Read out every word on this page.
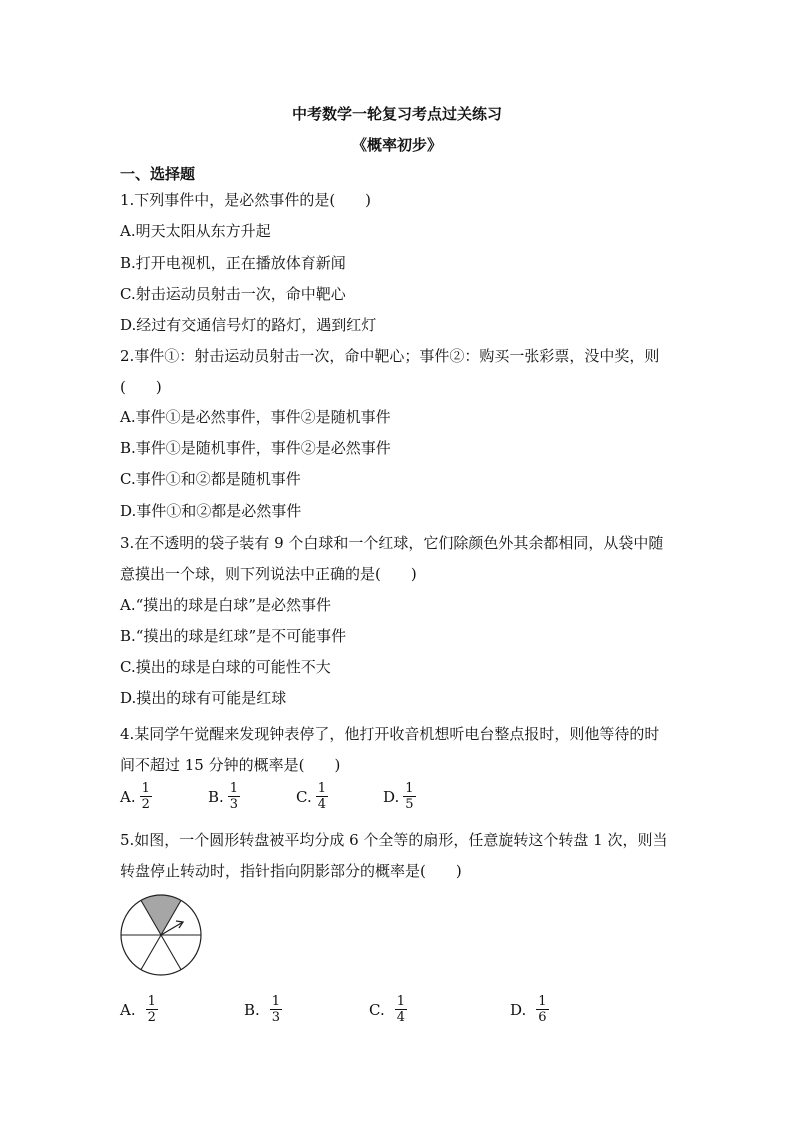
中考数学一轮复习考点过关练习
《概率初步》
一、选择题
1.下列事件中，是必然事件的是(　　)
A.明天太阳从东方升起
B.打开电视机，正在播放体育新闻
C.射击运动员射击一次，命中靶心
D.经过有交通信号灯的路灯，遇到红灯
2.事件①：射击运动员射击一次，命中靶心；事件②：购买一张彩票，没中奖，则
(　　)
A.事件①是必然事件，事件②是随机事件
B.事件①是随机事件，事件②是必然事件
C.事件①和②都是随机事件
D.事件①和②都是必然事件
3.在不透明的袋子装有 9 个白球和一个红球，它们除颜色外其余都相同，从袋中随
意摸出一个球，则下列说法中正确的是(　　)
A.“摸出的球是白球”是必然事件
B.“摸出的球是红球”是不可能事件
C.摸出的球是白球的可能性不大
D.摸出的球有可能是红球
4.某同学午觉醒来发现钟表停了，他打开收音机想听电台整点报时，则他等待的时
间不超过 15 分钟的概率是(　　)
A. $\frac{1}{2}$	B. $\frac{1}{3}$	C. $\frac{1}{4}$	D. $\frac{1}{5}$
5.如图，一个圆形转盘被平均分成 6 个全等的扇形，任意旋转这个转盘 1 次，则当
转盘停止转动时，指针指向阴影部分的概率是(　　)
A. $\frac{1}{2}$	B. $\frac{1}{3}$	C. $\frac{1}{4}$	D. $\frac{1}{6}$
